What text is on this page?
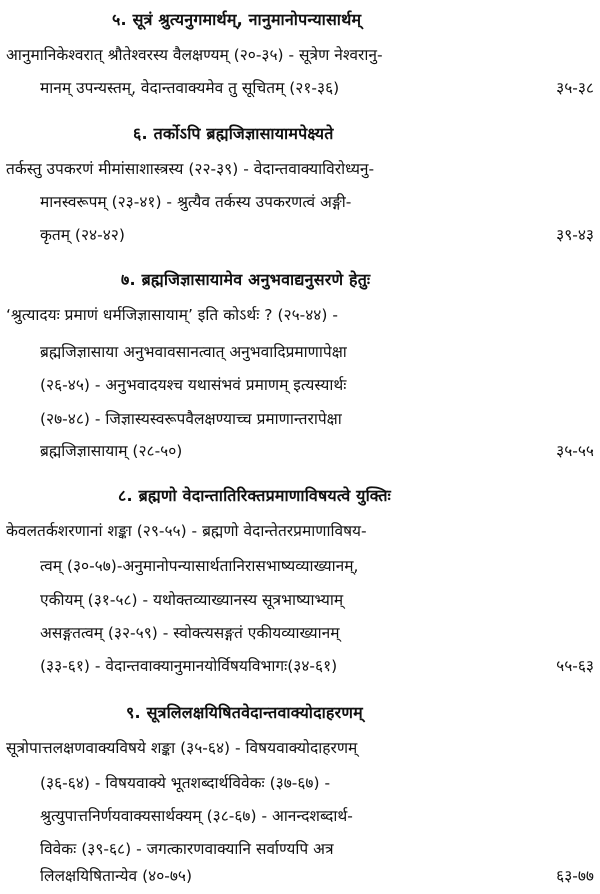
५. सूत्रं श्रुत्यनुगमार्थम्, नानुमानोपन्यासार्थम्
आनुमानिकेश्वरात् श्रौतेश्वरस्य वैलक्षण्यम् (२०-३५) - सूत्रेण नेश्वरानु-
मानम् उपन्यस्तम्, वेदान्तवाक्यमेव तु सूचितम् (२१-३६)	३५-३८
६. तर्कोऽपि ब्रह्मजिज्ञासायामपेक्ष्यते
तर्कस्तु उपकरणं मीमांसाशास्त्रस्य (२२-३९) - वेदान्तवाक्याविरोध्यनु-
मानस्वरूपम् (२३-४१) - श्रुत्यैव तर्कस्य उपकरणत्वं अङ्गी-
कृतम् (२४-४२)	३९-४३
७. ब्रह्मजिज्ञासायामेव अनुभवाद्यनुसरणे हेतुः
‘श्रुत्यादयः प्रमाणं धर्मजिज्ञासायाम्’ इति कोऽर्थः ? (२५-४४) -
ब्रह्मजिज्ञासाया अनुभवावसानत्वात् अनुभवादिप्रमाणापेक्षा
(२६-४५) - अनुभवादयश्च यथासंभवं प्रमाणम् इत्यस्यार्थः
(२७-४८) - जिज्ञास्यस्वरूपवैलक्षण्याच्च प्रमाणान्तरापेक्षा
ब्रह्मजिज्ञासायाम् (२८-५०)	३५-५५
८. ब्रह्मणो वेदान्तातिरिक्तप्रमाणाविषयत्वे युक्तिः
केवलतर्कशरणानां शङ्का (२९-५५) - ब्रह्मणो वेदान्तेतरप्रमाणाविषय-
त्वम् (३०-५७)-अनुमानोपन्यासार्थतानिरासभाष्यव्याख्यानम्,
एकीयम् (३१-५८) - यथोक्तव्याख्यानस्य सूत्रभाष्याभ्याम्
असङ्गतत्वम् (३२-५९) - स्वोक्त्यसङ्गतं एकीयव्याख्यानम्
(३३-६१) - वेदान्तवाक्यानुमानयोर्विषयविभागः(३४-६१)	५५-६३
९. सूत्रलिलक्षयिषितवेदान्तवाक्योदाहरणम्
सूत्रोपात्तलक्षणवाक्यविषये शङ्का (३५-६४) - विषयवाक्योदाहरणम्
(३६-६४) - विषयवाक्ये भूतशब्दार्थविवेकः (३७-६७) -
श्रुत्युपात्तनिर्णयवाक्यसार्थक्यम् (३८-६७) - आनन्दशब्दार्थ-
विवेकः (३९-६८) - जगत्कारणवाक्यानि सर्वाण्यपि अत्र
लिलक्षयिषितान्येव (४०-७५)	६३-७७
